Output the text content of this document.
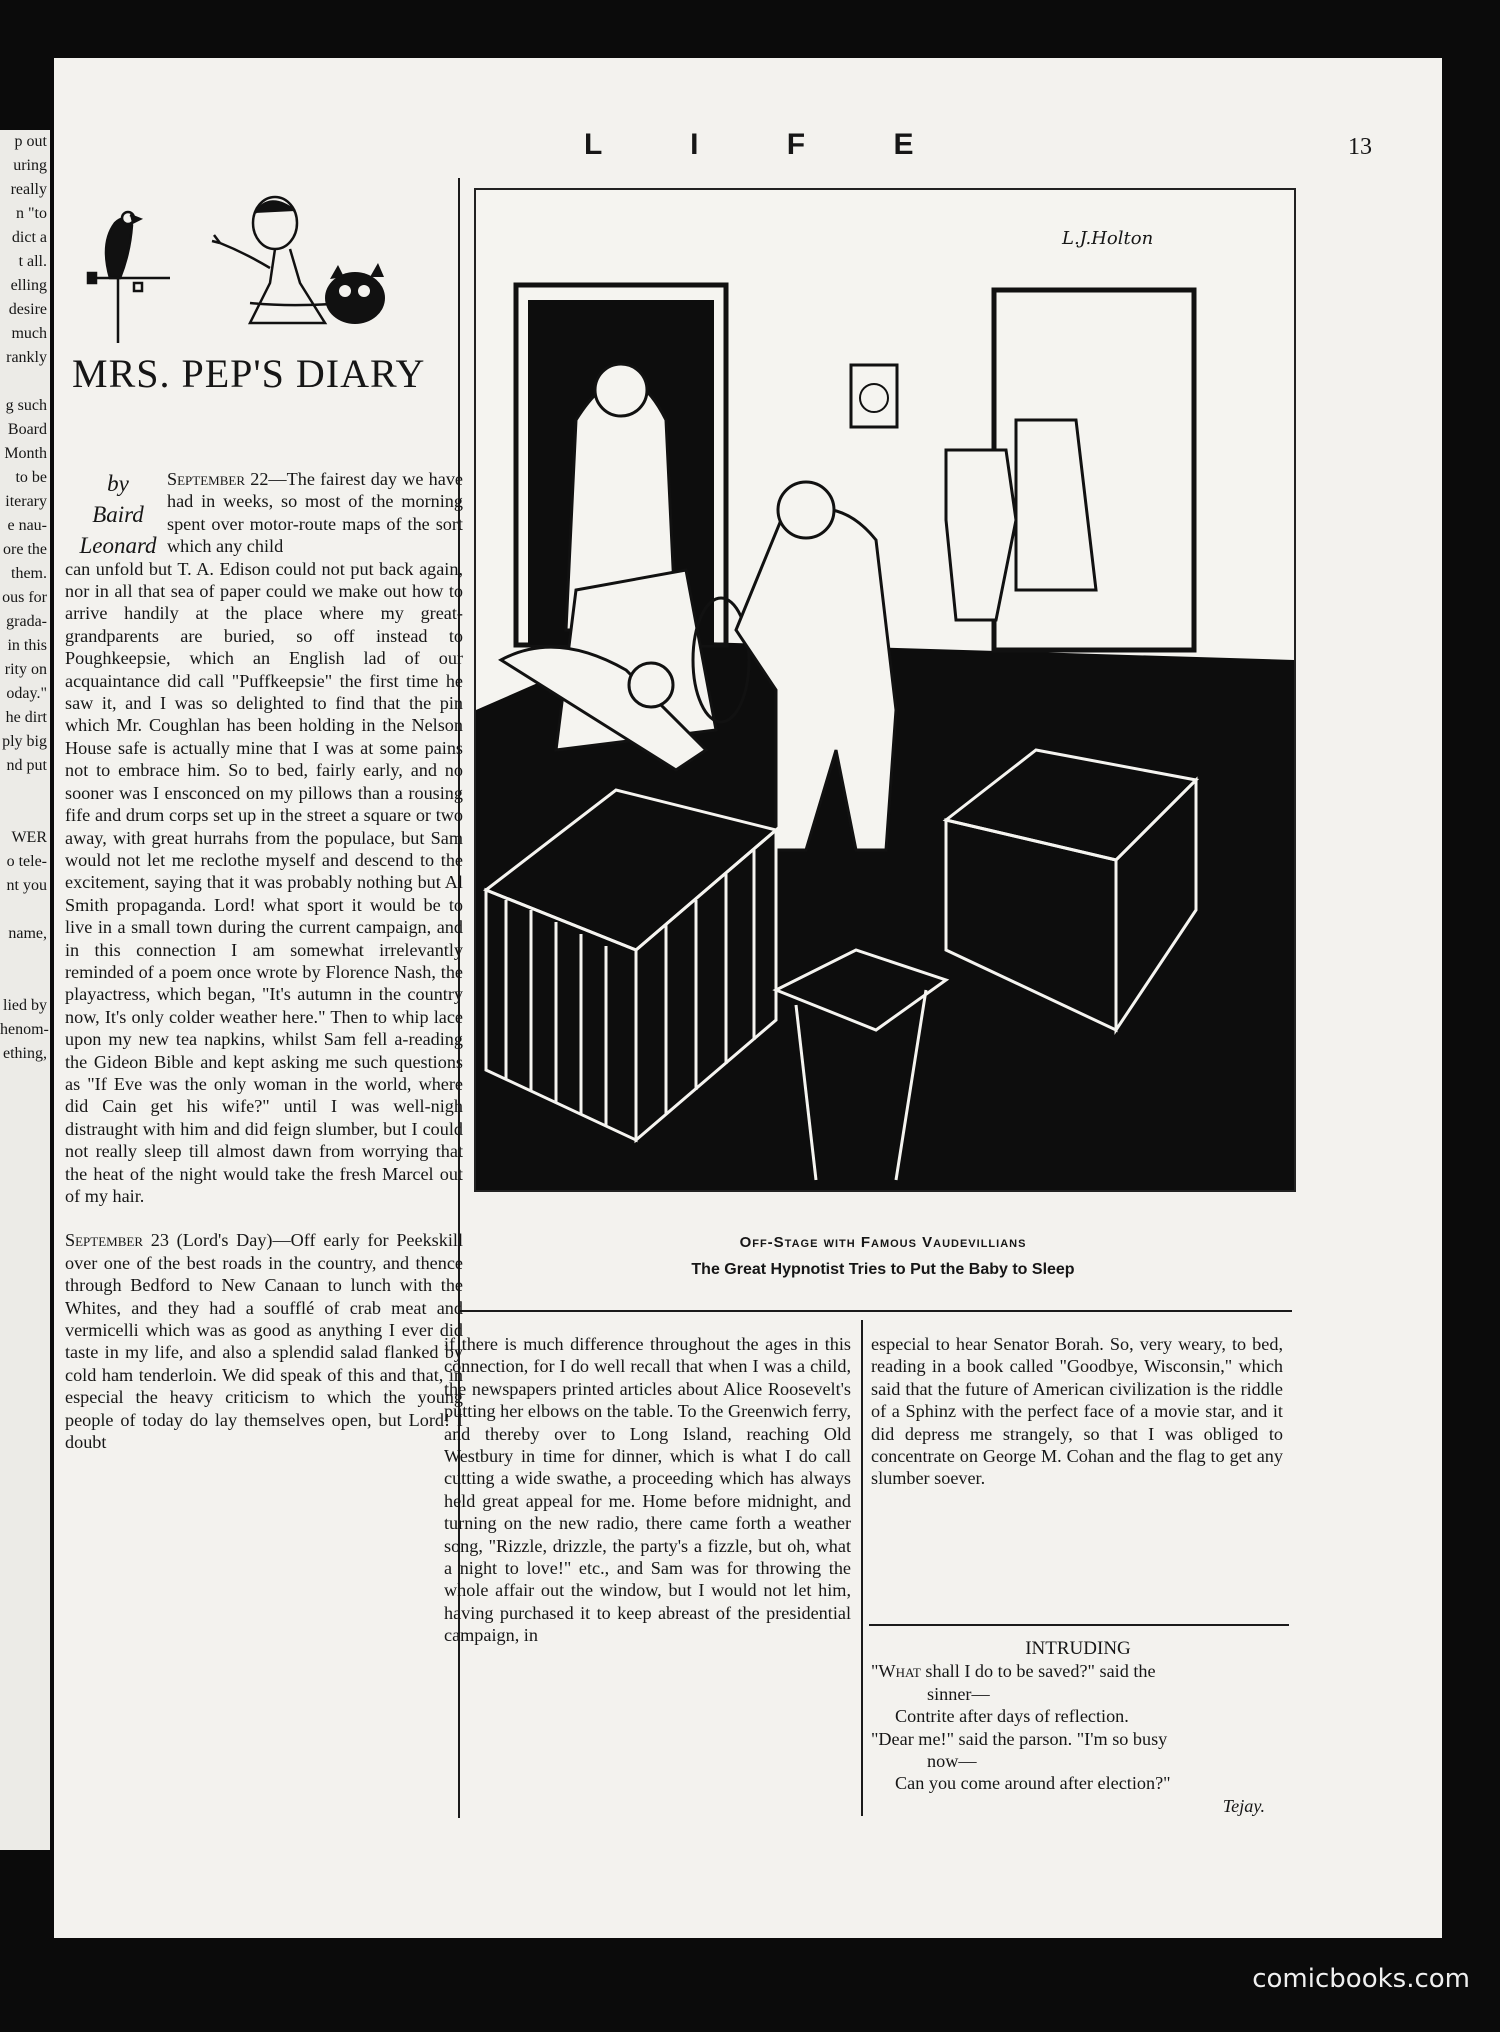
p out
uring
really
n "to
dict a
t all.
elling
desire
much
rankly

g such
Board
Month
to be
iterary
e nau-
ore the
them.
ous for
grada-
in this
rity on
oday."
he dirt
ply big
nd put

WER
o tele-
nt you

name,

lied by
henom-
ething,
L I F E	13
MRS. PEP'S DIARY
by
Baird
Leonard

September 22—The fairest day we have had in weeks, so most of the morning spent over motor-route maps of the sort which any child

can unfold but T. A. Edison could not put back again, nor in all that sea of paper could we make out how to arrive handily at the place where my great-grandparents are buried, so off instead to Poughkeepsie, which an English lad of our acquaintance did call "Puffkeepsie" the first time he saw it, and I was so delighted to find that the pin which Mr. Coughlan has been holding in the Nelson House safe is actually mine that I was at some pains not to embrace him. So to bed, fairly early, and no sooner was I ensconced on my pillows than a rousing fife and drum corps set up in the street a square or two away, with great hurrahs from the populace, but Sam would not let me reclothe myself and descend to the excitement, saying that it was probably nothing but Al Smith propaganda. Lord! what sport it would be to live in a small town during the current campaign, and in this connection I am somewhat irrelevantly reminded of a poem once wrote by Florence Nash, the playactress, which began, "It's autumn in the country now, It's only colder weather here." Then to whip lace upon my new tea napkins, whilst Sam fell a-reading the Gideon Bible and kept asking me such questions as "If Eve was the only woman in the world, where did Cain get his wife?" until I was well-nigh distraught with him and did feign slumber, but I could not really sleep till almost dawn from worrying that the heat of the night would take the fresh Marcel out of my hair.

September 23 (Lord's Day)—Off early for Peekskill over one of the best roads in the country, and thence through Bedford to New Canaan to lunch with the Whites, and they had a soufflé of crab meat and vermicelli which was as good as anything I ever did taste in my life, and also a splendid salad flanked by cold ham tenderloin. We did speak of this and that, in especial the heavy criticism to which the young people of today do lay themselves open, but Lord! I doubt

L.J.Holton
Off-Stage with Famous Vaudevillians
The Great Hypnotist Tries to Put the Baby to Sleep

if there is much difference throughout the ages in this connection, for I do well recall that when I was a child, the newspapers printed articles about Alice Roosevelt's putting her elbows on the table. To the Greenwich ferry, and thereby over to Long Island, reaching Old Westbury in time for dinner, which is what I do call cutting a wide swathe, a proceeding which has always held great appeal for me. Home before midnight, and turning on the new radio, there came forth a weather song, "Rizzle, drizzle, the party's a fizzle, but oh, what a night to love!" etc., and Sam was for throwing the whole affair out the window, but I would not let him, having purchased it to keep abreast of the presidential campaign, in

especial to hear Senator Borah. So, very weary, to bed, reading in a book called "Goodbye, Wisconsin," which said that the future of American civilization is the riddle of a Sphinz with the perfect face of a movie star, and it did depress me strangely, so that I was obliged to concentrate on George M. Cohan and the flag to get any slumber soever.

INTRUDING
"What shall I do to be saved?" said the
sinner—
Contrite after days of reflection.
"Dear me!" said the parson. "I'm so busy
now—
Can you come around after election?"
Tejay.
comicbooks.com
